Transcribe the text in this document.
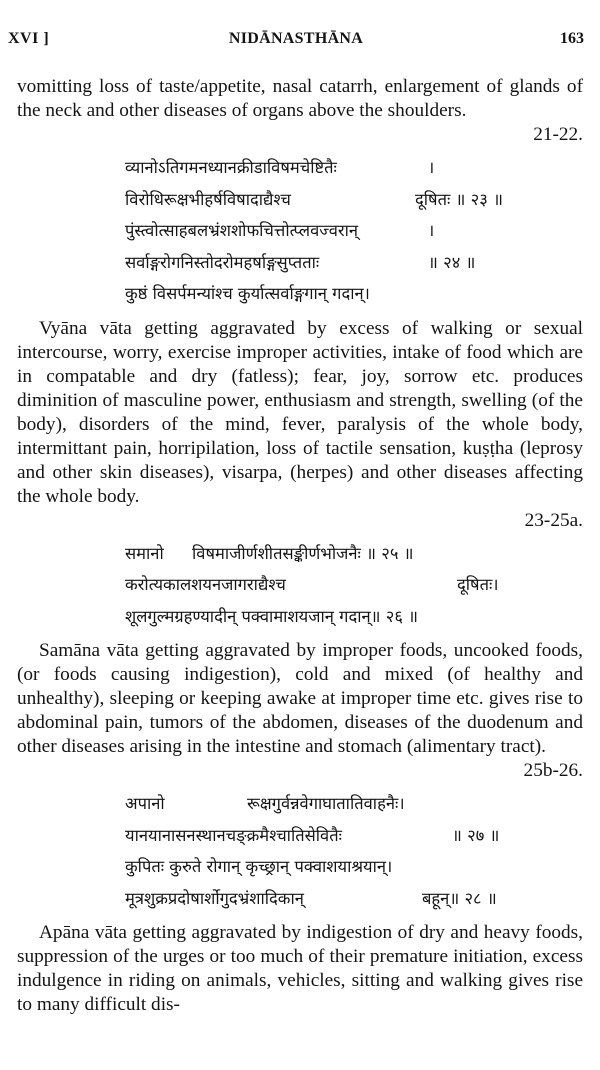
XVI ]	NIDĀNASTHĀNA	163
vomitting loss of taste/appetite, nasal catarrh, enlargement of glands of the neck and other diseases of organs above the shoulders.
21-22.
व्यानोऽतिगमनध्यानक्रीडाविषमचेष्टितैः	।
विरोधिरूक्षभीहर्षविषादाद्यैश्च	दूषितः ॥ २३ ॥
पुंस्त्वोत्साहबलभ्रंशशोफचित्तोत्प्लवज्वरान्	।
सर्वाङ्गरोगनिस्तोदरोमहर्षाङ्गसुप्तताः	॥ २४ ॥
कुष्ठं विसर्पमन्यांश्च कुर्यात्सर्वाङ्गगान् गदान्।
Vyāna vāta getting aggravated by excess of walking or sexual intercourse, worry, exercise improper activities, intake of food which are in compatable and dry (fatless); fear, joy, sorrow etc. produces diminition of masculine power, enthusiasm and strength, swelling (of the body), disorders of the mind, fever, paralysis of the whole body, intermittant pain, horripilation, loss of tactile sensation, kuṣṭha (leprosy and other skin diseases), visarpa, (herpes) and other diseases affecting the whole body.
23-25a.
समानो विषमाजीर्णशीतसङ्कीर्णभोजनैः ॥ २५ ॥
करोत्यकालशयनजागराद्यैश्च	दूषितः।
शूलगुल्मग्रहण्यादीन् पक्वामाशयजान् गदान्॥ २६ ॥
Samāna vāta getting aggravated by improper foods, uncooked foods, (or foods causing indigestion), cold and mixed (of healthy and unhealthy), sleeping or keeping awake at improper time etc. gives rise to abdominal pain, tumors of the abdomen, diseases of the duodenum and other diseases arising in the intestine and stomach (alimentary tract).
25b-26.
अपानो	रूक्षगुर्वन्नवेगाघातातिवाहनैः।
यानयानासनस्थानचङ्क्रमैश्चातिसेवितैः	॥ २७ ॥
कुपितः कुरुते रोगान् कृच्छ्रान् पक्वाशयाश्रयान्।
मूत्रशुक्रप्रदोषार्शोगुदभ्रंशादिकान्	बहून्॥ २८ ॥
Apāna vāta getting aggravated by indigestion of dry and heavy foods, suppression of the urges or too much of their premature initiation, excess indulgence in riding on animals, vehicles, sitting and walking gives rise to many difficult dis-
